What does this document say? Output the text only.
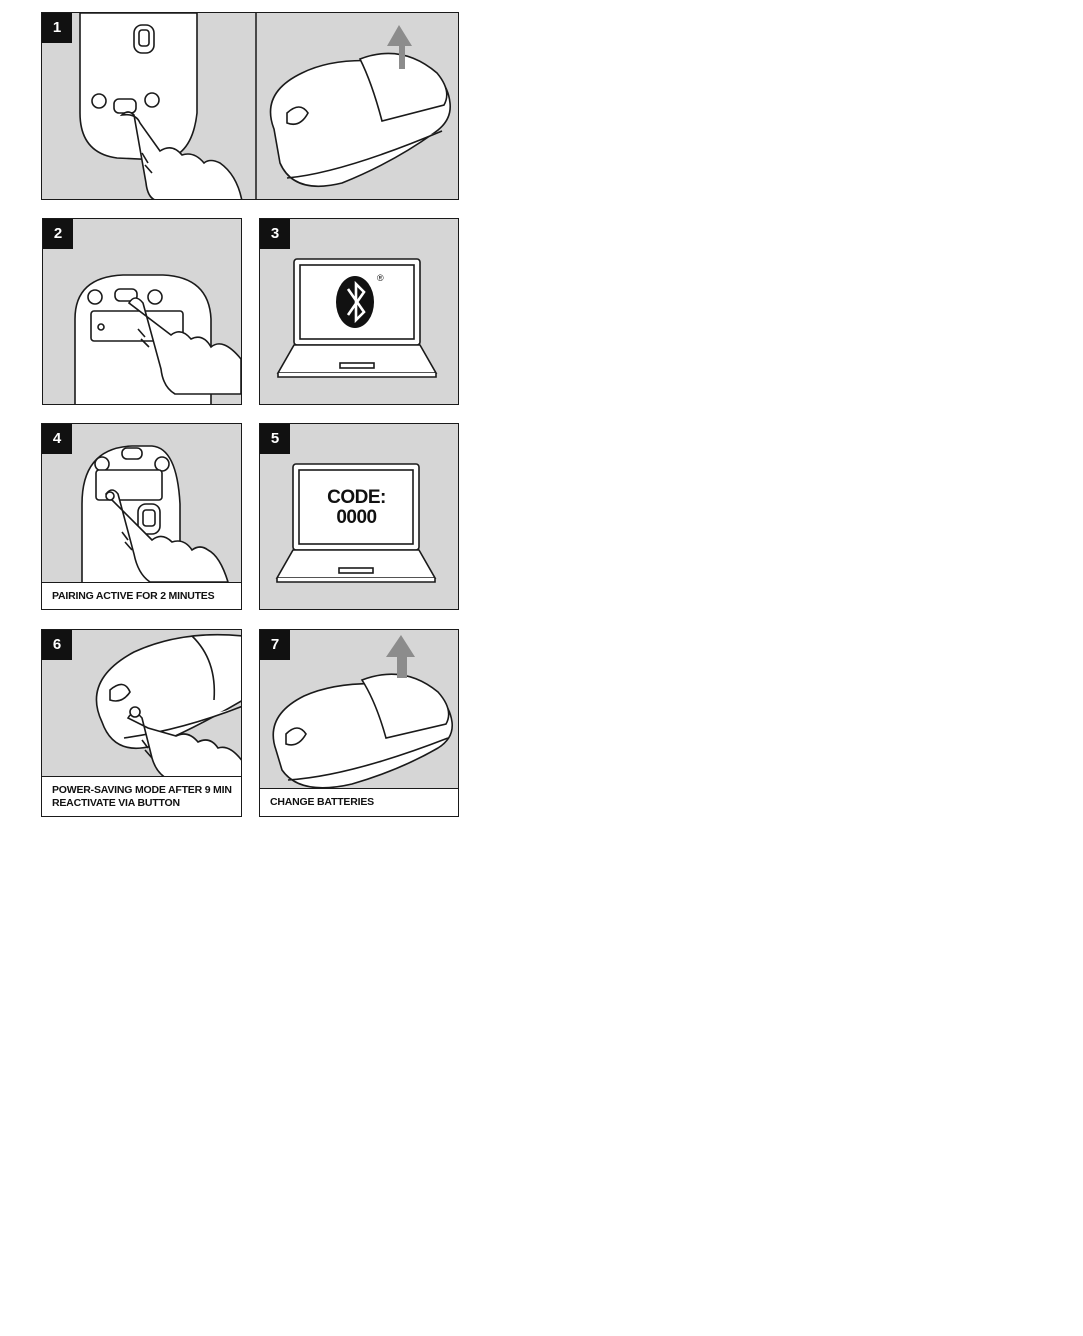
1
2	3
®
4
PAIRING ACTIVE FOR 2 MINUTES
5
CODE:
0000
6
POWER-SAVING MODE AFTER 9 MIN
REACTIVATE VIA BUTTON
7
CHANGE BATTERIES
